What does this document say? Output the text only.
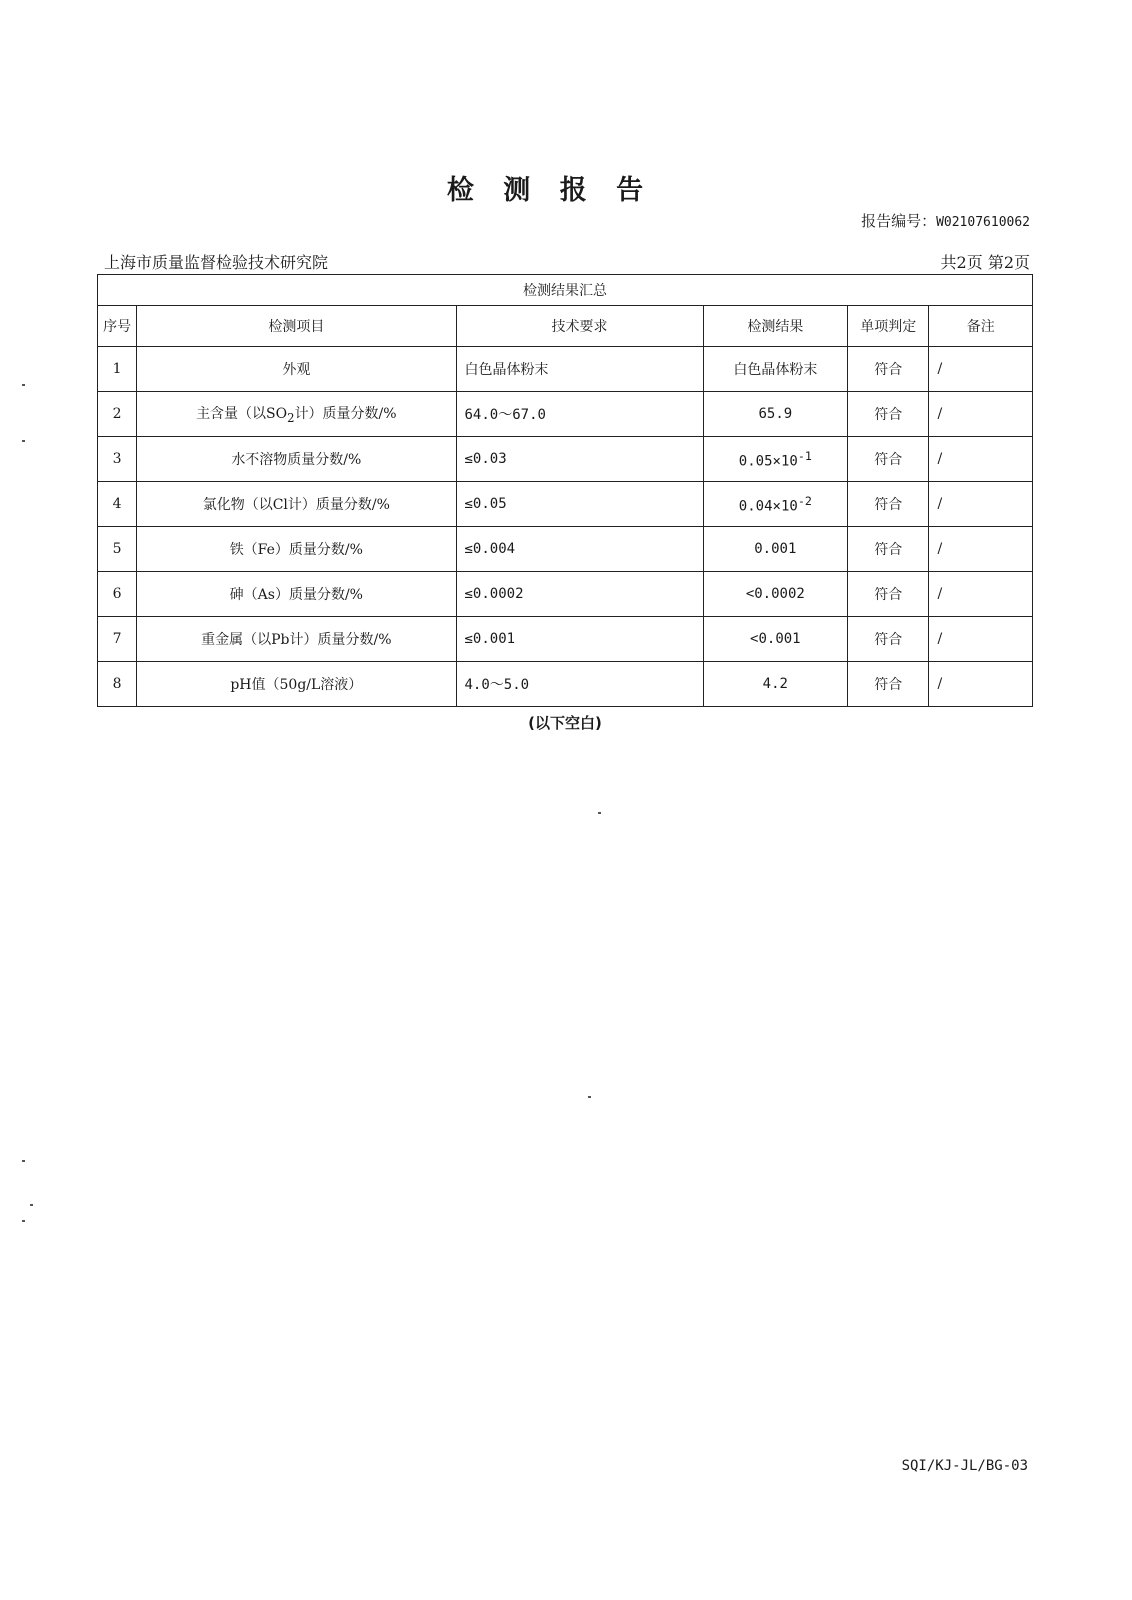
检 测 报 告
报告编号：W02107610062
上海市质量监督检验技术研究院	共2页 第2页
检测结果汇总					
序号	检测项目	技术要求	检测结果	单项判定	备注
1	外观	白色晶体粉末	白色晶体粉末	符合	/
2	主含量（以$SO_2$计）质量分数/%	64.0～67.0	65.9	符合	/
3	水不溶物质量分数/%	≤0.03	$0.05\times 10^{-1}$	符合	/
4	氯化物（以Cl计）质量分数/%	≤0.05	$0.04\times 10^{-2}$	符合	/
5	铁（Fe）质量分数/%	≤0.004	0.001	符合	/
6	砷（As）质量分数/%	≤0.0002	<0.0002	符合	/
7	重金属（以Pb计）质量分数/%	≤0.001	<0.001	符合	/
8	pH值（50g/L溶液）	4.0～5.0	4.2	符合	/
(以下空白)
SQI/KJ-JL/BG-03
